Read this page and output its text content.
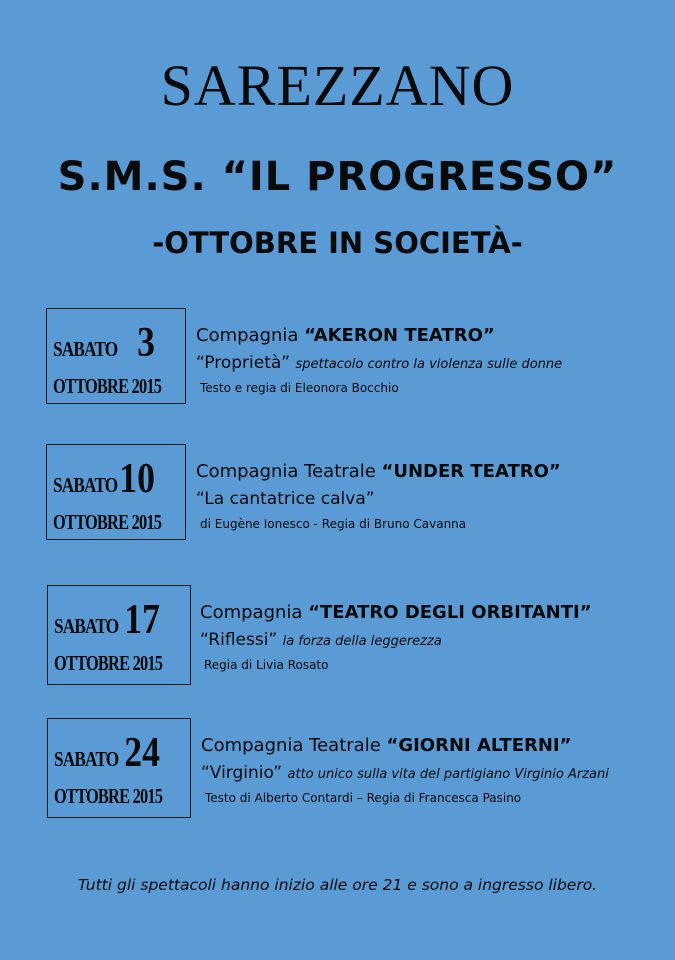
SAREZZANO
S.M.S. “IL PROGRESSO”
-OTTOBRE IN SOCIETÀ-
SABATO 3
OTTOBRE 2015
Compagnia “AKERON TEATRO”
“Proprietà” spettacolo contro la violenza sulle donne
Testo e regia di Eleonora Bocchio
SABATO 10
OTTOBRE 2015
Compagnia Teatrale “UNDER TEATRO”
“La cantatrice calva”
di Eugène Ionesco - Regia di Bruno Cavanna
SABATO 17
OTTOBRE 2015
Compagnia “TEATRO DEGLI ORBITANTI”
“Riflessi” la forza della leggerezza
Regia di Livia Rosato
SABATO 24
OTTOBRE 2015
Compagnia Teatrale “GIORNI ALTERNI”
“Virginio” atto unico sulla vita del partigiano Virginio Arzani
Testo di Alberto Contardi – Regia di Francesca Pasino
Tutti gli spettacoli hanno inizio alle ore 21 e sono a ingresso libero.
